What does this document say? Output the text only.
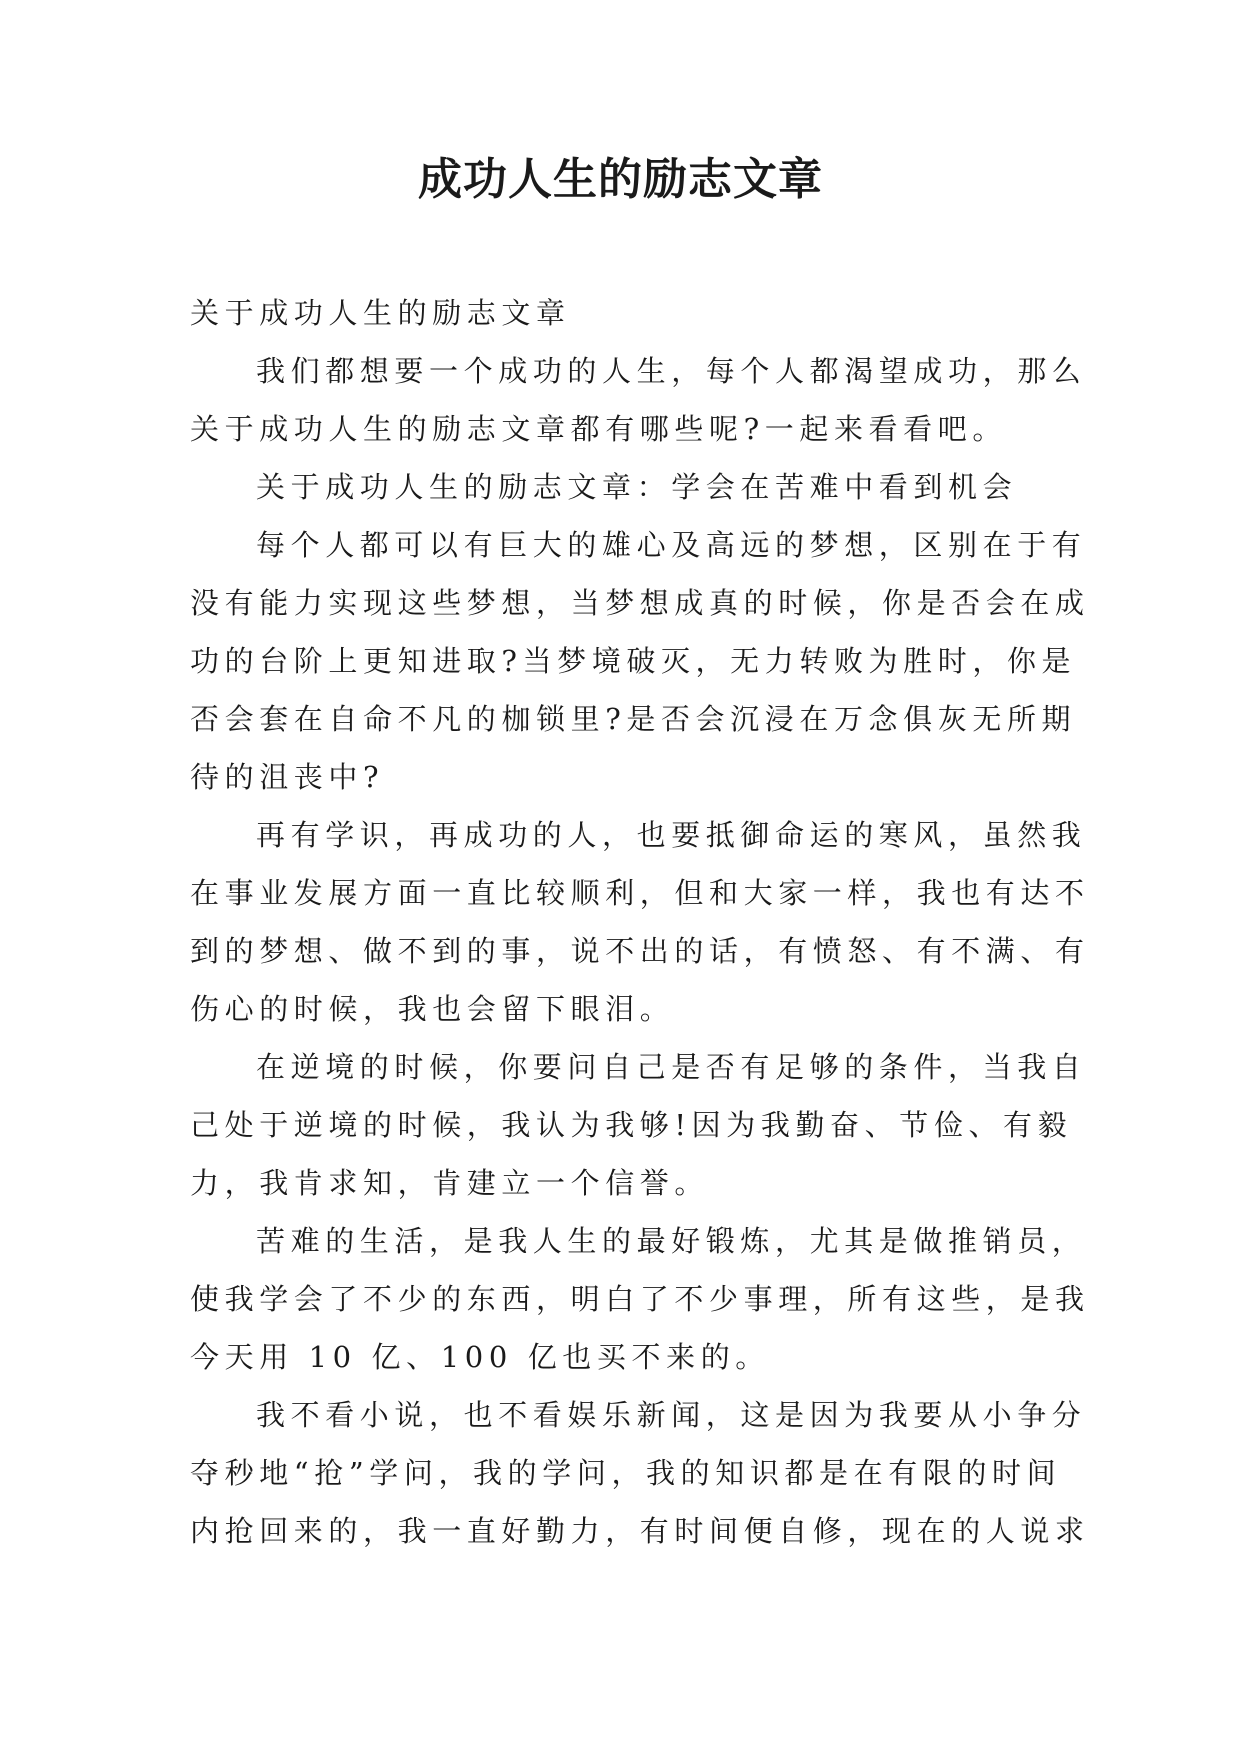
成功人生的励志文章

关于成功人生的励志文章

我们都想要一个成功的人生，每个人都渴望成功，那么

关于成功人生的励志文章都有哪些呢?一起来看看吧。

关于成功人生的励志文章：学会在苦难中看到机会

每个人都可以有巨大的雄心及高远的梦想，区别在于有

没有能力实现这些梦想，当梦想成真的时候，你是否会在成

功的台阶上更知进取?当梦境破灭，无力转败为胜时，你是

否会套在自命不凡的枷锁里?是否会沉浸在万念俱灰无所期

待的沮丧中?

再有学识，再成功的人，也要抵御命运的寒风，虽然我

在事业发展方面一直比较顺利，但和大家一样，我也有达不

到的梦想、做不到的事，说不出的话，有愤怒、有不满、有

伤心的时候，我也会留下眼泪。

在逆境的时候，你要问自己是否有足够的条件，当我自

己处于逆境的时候，我认为我够!因为我勤奋、节俭、有毅

力，我肯求知，肯建立一个信誉。

苦难的生活，是我人生的最好锻炼，尤其是做推销员，

使我学会了不少的东西，明白了不少事理，所有这些，是我

今天用 10 亿、100 亿也买不来的。

我不看小说，也不看娱乐新闻，这是因为我要从小争分

夺秒地“抢”学问，我的学问，我的知识都是在有限的时间

内抢回来的，我一直好勤力，有时间便自修，现在的人说求
